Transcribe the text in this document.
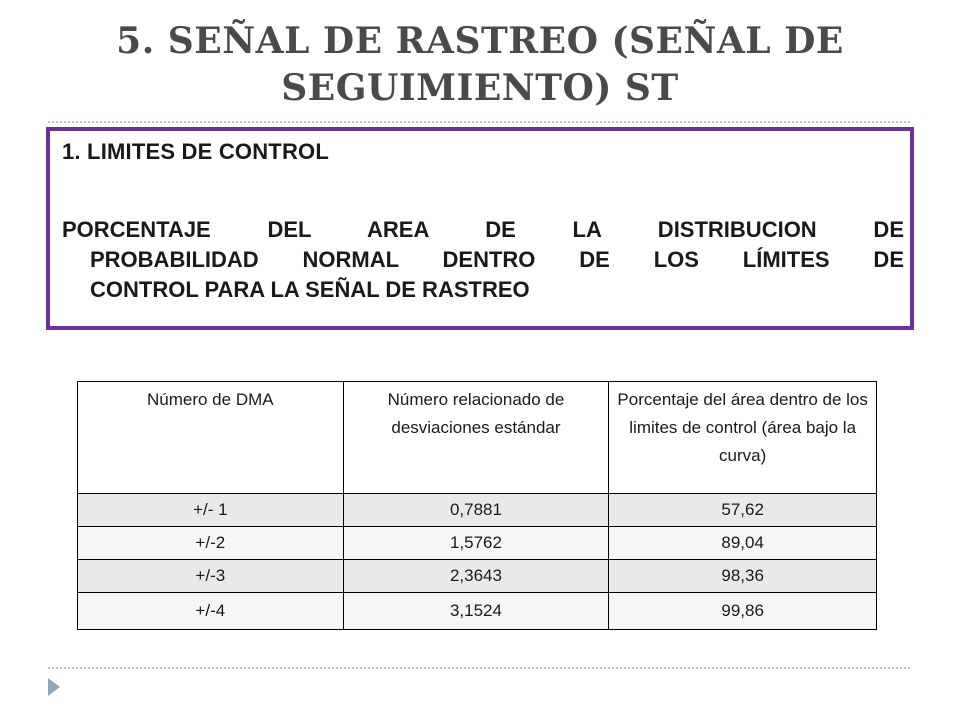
5. SEÑAL DE RASTREO (SEÑAL DE
SEGUIMIENTO) ST
1. LIMITES DE CONTROL
PORCENTAJE DEL AREA DE LA DISTRIBUCION DE
PROBABILIDAD NORMAL DENTRO DE LOS LÍMITES DE
CONTROL PARA LA SEÑAL DE RASTREO
Número de DMA	Número relacionado de desviaciones estándar	Porcentaje del área dentro de los limites de control (área bajo la curva)
+/- 1	0,7881	57,62
+/-2	1,5762	89,04
+/-3	2,3643	98,36
+/-4	3,1524	99,86
